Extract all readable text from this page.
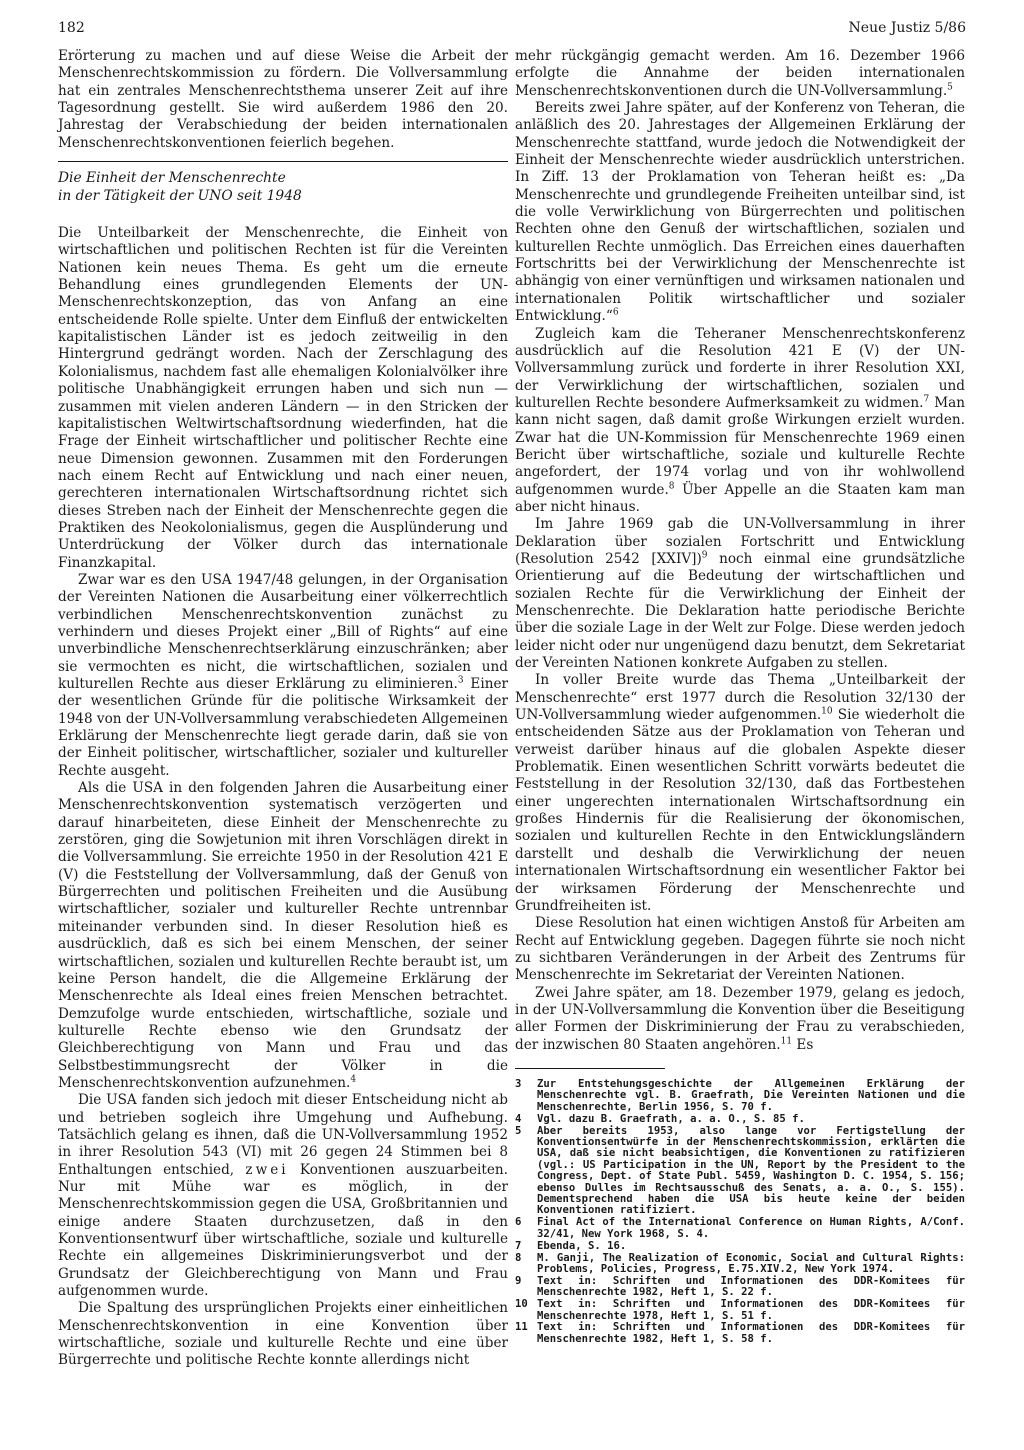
182	Neue Justiz 5/86

Erörterung zu machen und auf diese Weise die Arbeit der Menschenrechtskommission zu fördern. Die Vollversammlung hat ein zentrales Menschenrechtsthema unserer Zeit auf ihre Tagesordnung gestellt. Sie wird außerdem 1986 den 20. Jahrestag der Verabschiedung der beiden internationalen Menschenrechtskonventionen feierlich begehen.

Die Einheit der Menschenrechte
in der Tätigkeit der UNO seit 1948

Die Unteilbarkeit der Menschenrechte, die Einheit von wirtschaftlichen und politischen Rechten ist für die Vereinten Nationen kein neues Thema. Es geht um die erneute Behandlung eines grundlegenden Elements der UN-Menschenrechtskonzeption, das von Anfang an eine entscheidende Rolle spielte. Unter dem Einfluß der entwickelten kapitalistischen Länder ist es jedoch zeitweilig in den Hintergrund gedrängt worden. Nach der Zerschlagung des Kolonialismus, nachdem fast alle ehemaligen Kolonialvölker ihre politische Unabhängigkeit errungen haben und sich nun — zusammen mit vielen anderen Ländern — in den Stricken der kapitalistischen Weltwirtschaftsordnung wiederfinden, hat die Frage der Einheit wirtschaftlicher und politischer Rechte eine neue Dimension gewonnen. Zusammen mit den Forderungen nach einem Recht auf Entwicklung und nach einer neuen, gerechteren internationalen Wirtschaftsordnung richtet sich dieses Streben nach der Einheit der Menschenrechte gegen die Praktiken des Neokolonialismus, gegen die Ausplünderung und Unterdrückung der Völker durch das internationale Finanzkapital.

Zwar war es den USA 1947/48 gelungen, in der Organisation der Vereinten Nationen die Ausarbeitung einer völkerrechtlich verbindlichen Menschenrechtskonvention zunächst zu verhindern und dieses Projekt einer „Bill of Rights“ auf eine unverbindliche Menschenrechtserklärung einzuschränken; aber sie vermochten es nicht, die wirtschaftlichen, sozialen und kulturellen Rechte aus dieser Erklärung zu eliminieren.$^3$ Einer der wesentlichen Gründe für die politische Wirksamkeit der 1948 von der UN-Vollversammlung verabschiedeten Allgemeinen Erklärung der Menschenrechte liegt gerade darin, daß sie von der Einheit politischer, wirtschaftlicher, sozialer und kultureller Rechte ausgeht.

Als die USA in den folgenden Jahren die Ausarbeitung einer Menschenrechtskonvention systematisch verzögerten und darauf hinarbeiteten, diese Einheit der Menschenrechte zu zerstören, ging die Sowjetunion mit ihren Vorschlägen direkt in die Vollversammlung. Sie erreichte 1950 in der Resolution 421 E (V) die Feststellung der Vollversammlung, daß der Genuß von Bürgerrechten und politischen Freiheiten und die Ausübung wirtschaftlicher, sozialer und kultureller Rechte untrennbar miteinander verbunden sind. In dieser Resolution hieß es ausdrücklich, daß es sich bei einem Menschen, der seiner wirtschaftlichen, sozialen und kulturellen Rechte beraubt ist, um keine Person handelt, die die Allgemeine Erklärung der Menschenrechte als Ideal eines freien Menschen betrachtet. Demzufolge wurde entschieden, wirtschaftliche, soziale und kulturelle Rechte ebenso wie den Grundsatz der Gleichberechtigung von Mann und Frau und das Selbstbestimmungsrecht der Völker in die Menschenrechtskonvention aufzunehmen.$^4$

Die USA fanden sich jedoch mit dieser Entscheidung nicht ab und betrieben sogleich ihre Umgehung und Aufhebung. Tatsächlich gelang es ihnen, daß die UN-Vollversammlung 1952 in ihrer Resolution 543 (VI) mit 26 gegen 24 Stimmen bei 8 Enthaltungen entschied, zwei Konventionen auszuarbeiten. Nur mit Mühe war es möglich, in der Menschenrechtskommission gegen die USA, Großbritannien und einige andere Staaten durchzusetzen, daß in den Konventionsentwurf über wirtschaftliche, soziale und kulturelle Rechte ein allgemeines Diskriminierungsverbot und der Grundsatz der Gleichberechtigung von Mann und Frau aufgenommen wurde.

Die Spaltung des ursprünglichen Projekts einer einheitlichen Menschenrechtskonvention in eine Konvention über wirtschaftliche, soziale und kulturelle Rechte und eine über Bürgerrechte und politische Rechte konnte allerdings nicht

mehr rückgängig gemacht werden. Am 16. Dezember 1966 erfolgte die Annahme der beiden internationalen Menschenrechtskonventionen durch die UN-Vollversammlung.$^5$

Bereits zwei Jahre später, auf der Konferenz von Teheran, die anläßlich des 20. Jahrestages der Allgemeinen Erklärung der Menschenrechte stattfand, wurde jedoch die Notwendigkeit der Einheit der Menschenrechte wieder ausdrücklich unterstrichen. In Ziff. 13 der Proklamation von Teheran heißt es: „Da Menschenrechte und grundlegende Freiheiten unteilbar sind, ist die volle Verwirklichung von Bürgerrechten und politischen Rechten ohne den Genuß der wirtschaftlichen, sozialen und kulturellen Rechte unmöglich. Das Erreichen eines dauerhaften Fortschritts bei der Verwirklichung der Menschenrechte ist abhängig von einer vernünftigen und wirksamen nationalen und internationalen Politik wirtschaftlicher und sozialer Entwicklung.“$^6$

Zugleich kam die Teheraner Menschenrechtskonferenz ausdrücklich auf die Resolution 421 E (V) der UN-Vollversammlung zurück und forderte in ihrer Resolution XXI, der Verwirklichung der wirtschaftlichen, sozialen und kulturellen Rechte besondere Aufmerksamkeit zu widmen.$^7$ Man kann nicht sagen, daß damit große Wirkungen erzielt wurden. Zwar hat die UN-Kommission für Menschenrechte 1969 einen Bericht über wirtschaftliche, soziale und kulturelle Rechte angefordert, der 1974 vorlag und von ihr wohlwollend aufgenommen wurde.$^8$ Über Appelle an die Staaten kam man aber nicht hinaus.

Im Jahre 1969 gab die UN-Vollversammlung in ihrer Deklaration über sozialen Fortschritt und Entwicklung (Resolution 2542 [XXIV])$^9$ noch einmal eine grundsätzliche Orientierung auf die Bedeutung der wirtschaftlichen und sozialen Rechte für die Verwirklichung der Einheit der Menschenrechte. Die Deklaration hatte periodische Berichte über die soziale Lage in der Welt zur Folge. Diese werden jedoch leider nicht oder nur ungenügend dazu benutzt, dem Sekretariat der Vereinten Nationen konkrete Aufgaben zu stellen.

In voller Breite wurde das Thema „Unteilbarkeit der Menschenrechte“ erst 1977 durch die Resolution 32/130 der UN-Vollversammlung wieder aufgenommen.$^{10}$ Sie wiederholt die entscheidenden Sätze aus der Proklamation von Teheran und verweist darüber hinaus auf die globalen Aspekte dieser Problematik. Einen wesentlichen Schritt vorwärts bedeutet die Feststellung in der Resolution 32/130, daß das Fortbestehen einer ungerechten internationalen Wirtschaftsordnung ein großes Hindernis für die Realisierung der ökonomischen, sozialen und kulturellen Rechte in den Entwicklungsländern darstellt und deshalb die Verwirklichung der neuen internationalen Wirtschaftsordnung ein wesentlicher Faktor bei der wirksamen Förderung der Menschenrechte und Grundfreiheiten ist.

Diese Resolution hat einen wichtigen Anstoß für Arbeiten am Recht auf Entwicklung gegeben. Dagegen führte sie noch nicht zu sichtbaren Veränderungen in der Arbeit des Zentrums für Menschenrechte im Sekretariat der Vereinten Nationen.

Zwei Jahre später, am 18. Dezember 1979, gelang es jedoch, in der UN-Vollversammlung die Konvention über die Beseitigung aller Formen der Diskriminierung der Frau zu verabschieden, der inzwischen 80 Staaten angehören.$^{11}$ Es

3	Zur Entstehungsgeschichte der Allgemeinen Erklärung der Menschenrechte vgl. B. Graefrath, Die Vereinten Nationen und die Menschenrechte, Berlin 1956, S. 70 f.
4	Vgl. dazu B. Graefrath, a. a. O., S. 85 f.
5	Aber bereits 1953, also lange vor Fertigstellung der Konventionsentwürfe in der Menschenrechtskommission, erklärten die USA, daß sie nicht beabsichtigen, die Konventionen zu ratifizieren (vgl.: US Participation in the UN, Report by the President to the Congress, Dept. of State Publ. 5459, Washington D. C. 1954, S. 156; ebenso Dulles im Rechtsausschuß des Senats, a. a. O., S. 155). Dementsprechend haben die USA bis heute keine der beiden Konventionen ratifiziert.
6	Final Act of the International Conference on Human Rights, A/Conf. 32/41, New York 1968, S. 4.
7	Ebenda, S. 16.
8	M. Ganji, The Realization of Economic, Social and Cultural Rights: Problems, Policies, Progress, E.75.XIV.2, New York 1974.
9	Text in: Schriften und Informationen des DDR-Komitees für Menschenrechte 1982, Heft 1, S. 22 f.
10 Text in: Schriften und Informationen des DDR-Komitees für Menschenrechte 1978, Heft 1, S. 51 f.
11 Text in: Schriften und Informationen des DDR-Komitees für Menschenrechte 1982, Heft 1, S. 58 f.
